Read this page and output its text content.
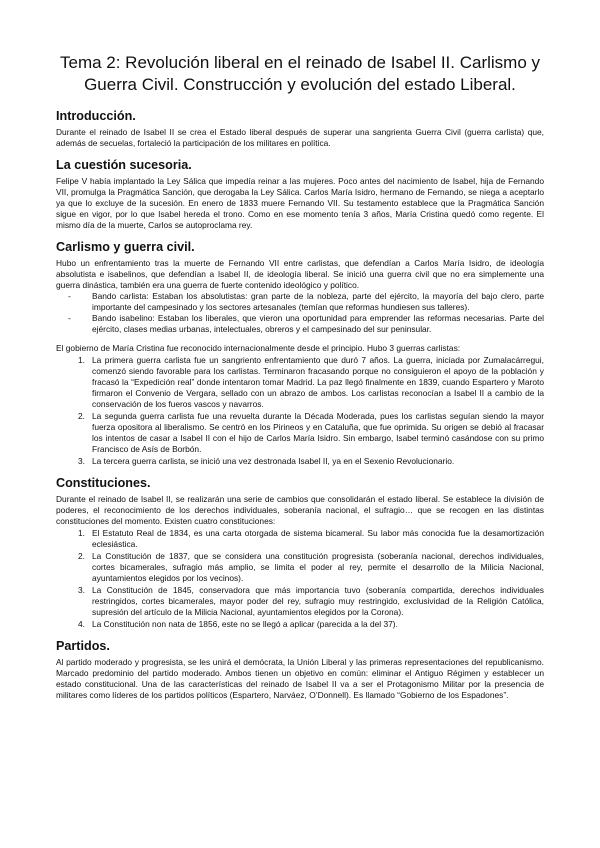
Tema 2: Revolución liberal en el reinado de Isabel II. Carlismo y Guerra Civil. Construcción y evolución del estado Liberal.
Introducción.

Durante el reinado de Isabel II se crea el Estado liberal después de superar una sangrienta Guerra Civil (guerra carlista) que, además de secuelas, fortaleció la participación de los militares en política.

La cuestión sucesoria.

Felipe V había implantado la Ley Sálica que impedía reinar a las mujeres. Poco antes del nacimiento de Isabel, hija de Fernando VII, promulga la Pragmática Sanción, que derogaba la Ley Sálica. Carlos María Isidro, hermano de Fernando, se niega a aceptarlo ya que lo excluye de la sucesión. En enero de 1833 muere Fernando VII. Su testamento establece que la Pragmática Sanción sigue en vigor, por lo que Isabel hereda el trono. Como en ese momento tenía 3 años, María Cristina quedó como regente. El mismo día de la muerte, Carlos se autoproclama rey.

Carlismo y guerra civil.

Hubo un enfrentamiento tras la muerte de Fernando VII entre carlistas, que defendían a Carlos María Isidro, de ideología absolutista e isabelinos, que defendían a Isabel II, de ideología liberal. Se inició una guerra civil que no era simplemente una guerra dinástica, también era una guerra de fuerte contenido ideológico y político.

-	Bando carlista: Estaban los absolutistas: gran parte de la nobleza, parte del ejército, la mayoría del bajo clero, parte importante del campesinado y los sectores artesanales (temían que reformas hundiesen sus talleres).
-	Bando isabelino: Estaban los liberales, que vieron una oportunidad para emprender las reformas necesarias. Parte del ejército, clases medias urbanas, intelectuales, obreros y el campesinado del sur peninsular.

El gobierno de María Cristina fue reconocido internacionalmente desde el principio. Hubo 3 guerras carlistas:

1. La primera guerra carlista fue un sangriento enfrentamiento que duró 7 años. La guerra, iniciada por Zumalacárregui, comenzó siendo favorable para los carlistas. Terminaron fracasando porque no consiguieron el apoyo de la población y fracasó la “Expedición real” donde intentaron tomar Madrid. La paz llegó finalmente en 1839, cuando Espartero y Maroto firmaron el Convenio de Vergara, sellado con un abrazo de ambos. Los carlistas reconocían a Isabel II a cambio de la conservación de los fueros vascos y navarros.
2. La segunda guerra carlista fue una revuelta durante la Década Moderada, pues los carlistas seguían siendo la mayor fuerza opositora al liberalismo. Se centró en los Pirineos y en Cataluña, que fue oprimida. Su origen se debió al fracasar los intentos de casar a Isabel II con el hijo de Carlos María Isidro. Sin embargo, Isabel terminó casándose con su primo Francisco de Asís de Borbón.
3. La tercera guerra carlista, se inició una vez destronada Isabel II, ya en el Sexenio Revolucionario.
Constituciones.

Durante el reinado de Isabel II, se realizarán una serie de cambios que consolidarán el estado liberal. Se establece la división de poderes, el reconocimiento de los derechos individuales, soberanía nacional, el sufragio… que se recogen en las distintas constituciones del momento. Existen cuatro constituciones:

1. El Estatuto Real de 1834, es una carta otorgada de sistema bicameral. Su labor más conocida fue la desamortización eclesiástica.
2. La Constitución de 1837, que se considera una constitución progresista (soberanía nacional, derechos individuales, cortes bicamerales, sufragio más amplio, se limita el poder al rey, permite el desarrollo de la Milicia Nacional, ayuntamientos elegidos por los vecinos).
3. La Constitución de 1845, conservadora que más importancia tuvo (soberanía compartida, derechos individuales restringidos, cortes bicamerales, mayor poder del rey, sufragio muy restringido, exclusividad de la Religión Católica, supresión del artículo de la Milicia Nacional, ayuntamientos elegidos por la Corona).
4. La Constitución non nata de 1856, este no se llegó a aplicar (parecida a la del 37).
Partidos.

Al partido moderado y progresista, se les unirá el demócrata, la Unión Liberal y las primeras representaciones del republicanismo. Marcado predominio del partido moderado. Ambos tienen un objetivo en común: eliminar el Antiguo Régimen y establecer un estado constitucional. Una de las características del reinado de Isabel II va a ser el Protagonismo Militar por la presencia de militares como líderes de los partidos políticos (Espartero, Narváez, O’Donnell). Es llamado “Gobierno de los Espadones”.
